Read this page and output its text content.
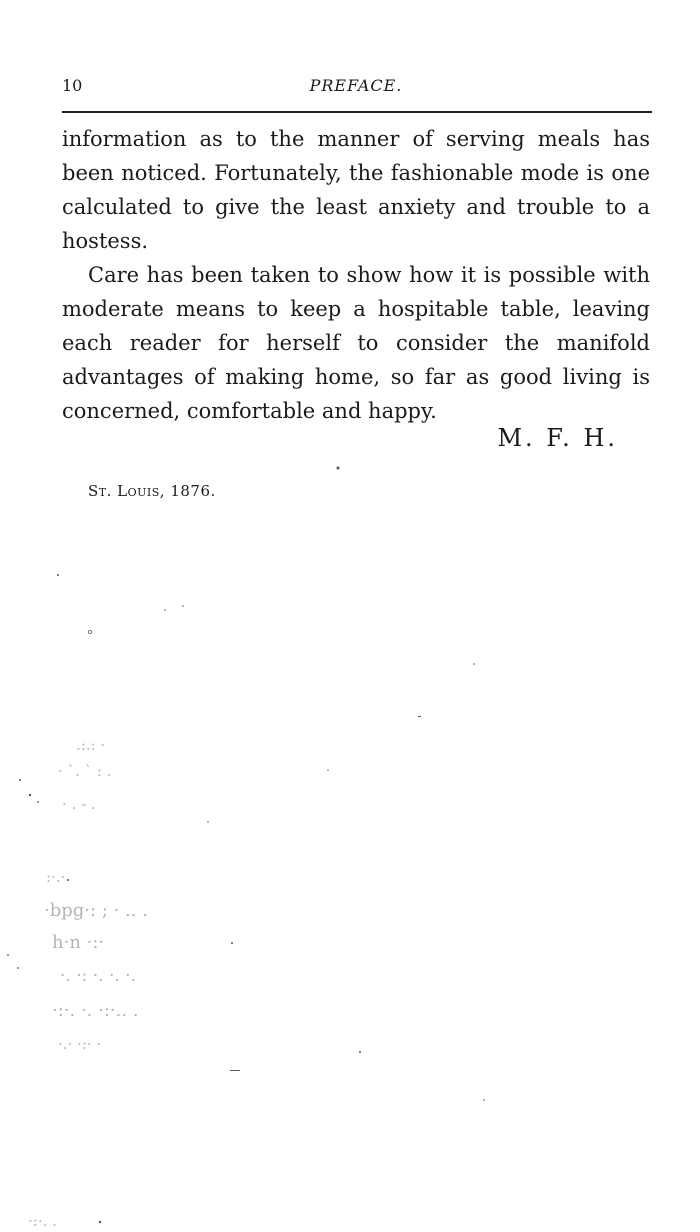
10	PREFACE.

information as to the manner of serving meals has been noticed. Fortunately, the fashionable mode is one calculated to give the least anxiety and trouble to a hostess.

Care has been taken to show how it is possible with moderate means to keep a hospitable table, leaving each reader for herself to consider the manifold advantages of making home, so far as good living is concerned, comfortable and happy.

M. F. H.
St. Louis, 1876.
.:.: ·
· `. ` : .
· . - .
:·.·
·bpg·: ; · .. .
h·n ·:·
·. ·: ·. ·. ·.
·:·. ·. ·:·.. .
·.· ·:· ·
·:·. .
